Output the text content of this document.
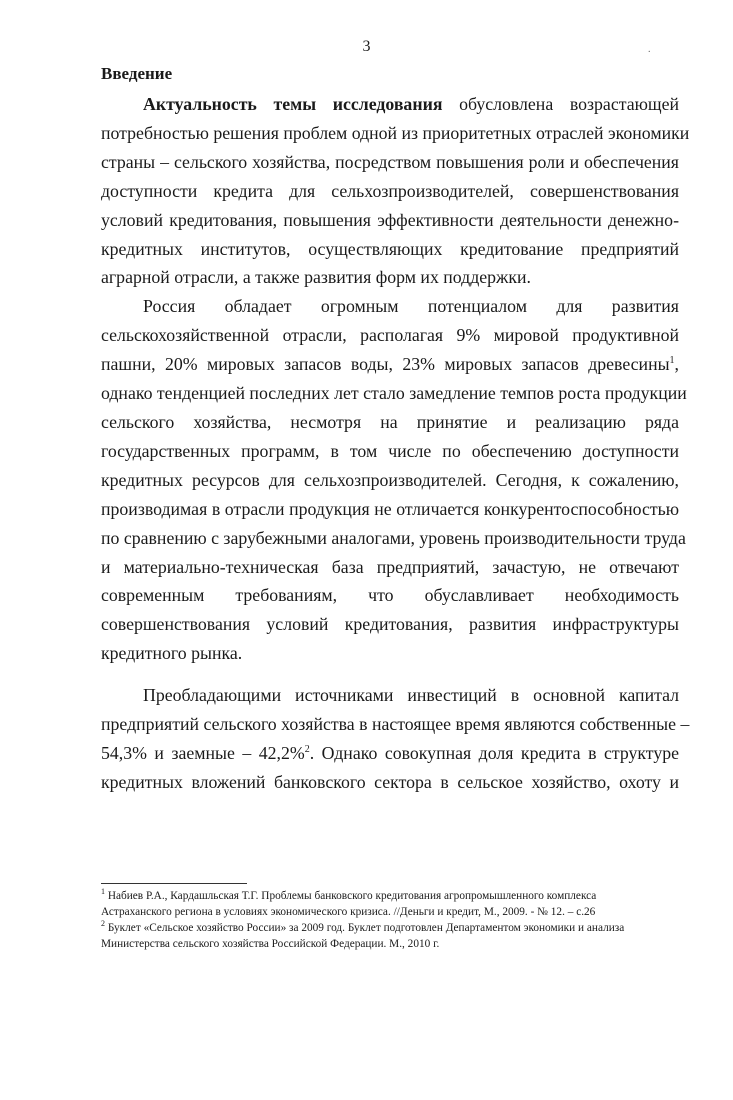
3	.
Введение
Актуальность темы исследования обусловлена возрастающей
потребностью решения проблем одной из приоритетных отраслей экономики
страны – сельского хозяйства, посредством повышения роли и обеспечения
доступности кредита для сельхозпроизводителей, совершенствования
условий кредитования, повышения эффективности деятельности денежно-
кредитных институтов, осуществляющих кредитование предприятий
аграрной отрасли, а также развития форм их поддержки.
Россия обладает огромным потенциалом для развития
сельскохозяйственной отрасли, располагая 9% мировой продуктивной
пашни, 20% мировых запасов воды, 23% мировых запасов древесины$^1$,
однако тенденцией последних лет стало замедление темпов роста продукции
сельского хозяйства, несмотря на принятие и реализацию ряда
государственных программ, в том числе по обеспечению доступности
кредитных ресурсов для сельхозпроизводителей. Сегодня, к сожалению,
производимая в отрасли продукция не отличается конкурентоспособностью
по сравнению с зарубежными аналогами, уровень производительности труда
и материально-техническая база предприятий, зачастую, не отвечают
современным требованиям, что обуславливает необходимость
совершенствования условий кредитования, развития инфраструктуры
кредитного рынка.
Преобладающими источниками инвестиций в основной капитал
предприятий сельского хозяйства в настоящее время являются собственные –
54,3% и заемные – 42,2%$^2$. Однако совокупная доля кредита в структуре
кредитных вложений банковского сектора в сельское хозяйство, охоту и
$^1$ Набиев Р.А., Кардашльская Т.Г. Проблемы банковского кредитования агропромышленного комплекса
Астраханского региона в условиях экономического кризиса. //Деньги и кредит, М., 2009. - № 12. – с.26
$^2$ Буклет «Сельское хозяйство России» за 2009 год. Буклет подготовлен Департаментом экономики и анализа
Министерства сельского хозяйства Российской Федерации. М., 2010 г.
